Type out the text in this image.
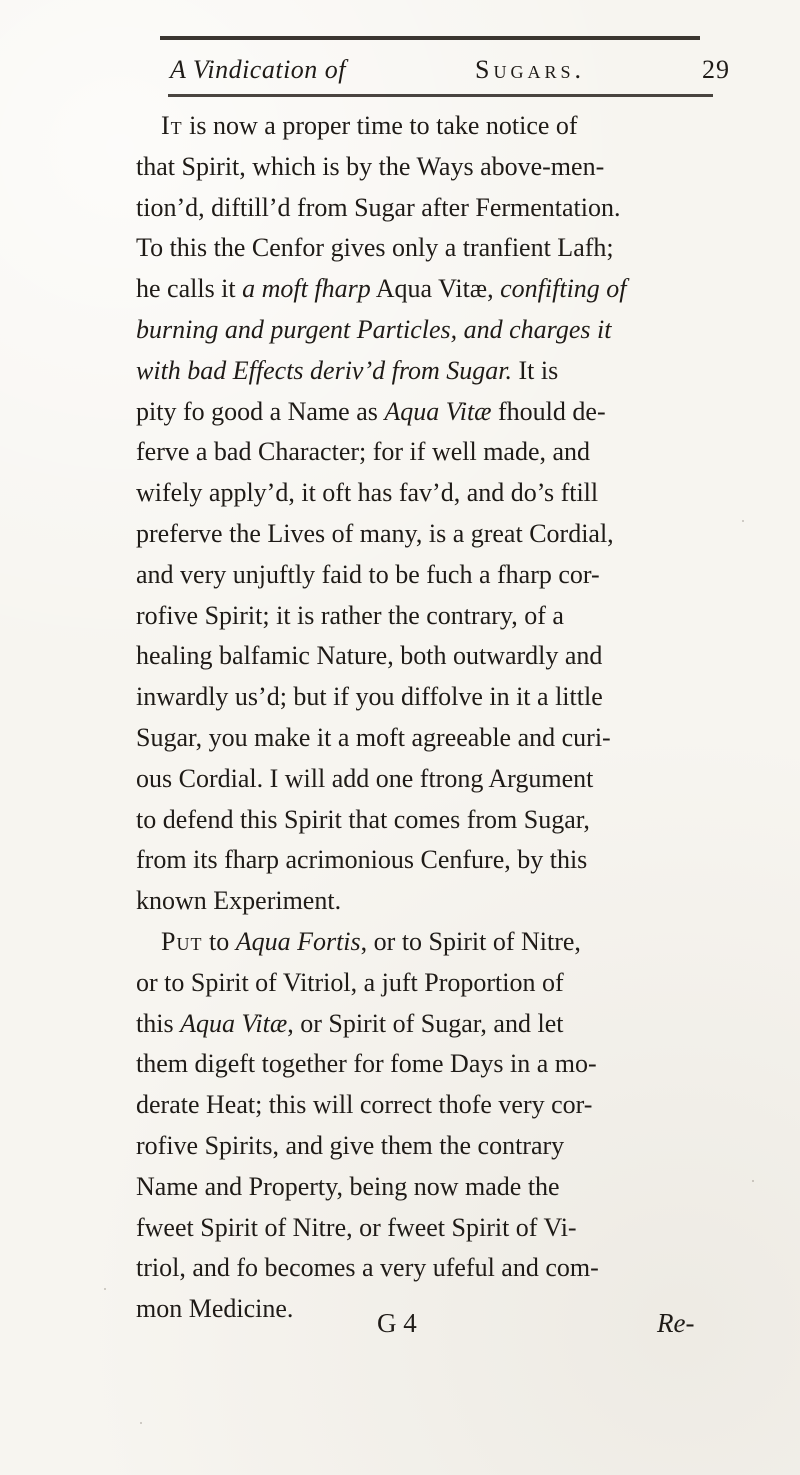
A Vindication of	Sugars.	29
It is now a proper time to take notice of
that Spirit, which is by the Ways above-men-
tion’d, diftill’d from Sugar after Fermentation.
To this the Cenfor gives only a tranfient Lafh;
he calls it a moft fharp Aqua Vitæ, confifting of
burning and purgent Particles, and charges it
with bad Effects deriv’d from Sugar. It is
pity fo good a Name as Aqua Vitæ fhould de-
ferve a bad Character; for if well made, and
wifely apply’d, it oft has fav’d, and do’s ftill
preferve the Lives of many, is a great Cordial,
and very unjuftly faid to be fuch a fharp cor-
rofive Spirit; it is rather the contrary, of a
healing balfamic Nature, both outwardly and
inwardly us’d; but if you diffolve in it a little
Sugar, you make it a moft agreeable and curi-
ous Cordial. I will add one ftrong Argument
to defend this Spirit that comes from Sugar,
from its fharp acrimonious Cenfure, by this
known Experiment.
Put to Aqua Fortis, or to Spirit of Nitre,
or to Spirit of Vitriol, a juft Proportion of
this Aqua Vitæ, or Spirit of Sugar, and let
them digeft together for fome Days in a mo-
derate Heat; this will correct thofe very cor-
rofive Spirits, and give them the contrary
Name and Property, being now made the
fweet Spirit of Nitre, or fweet Spirit of Vi-
triol, and fo becomes a very ufeful and com-
mon Medicine.	G 4	Re-
